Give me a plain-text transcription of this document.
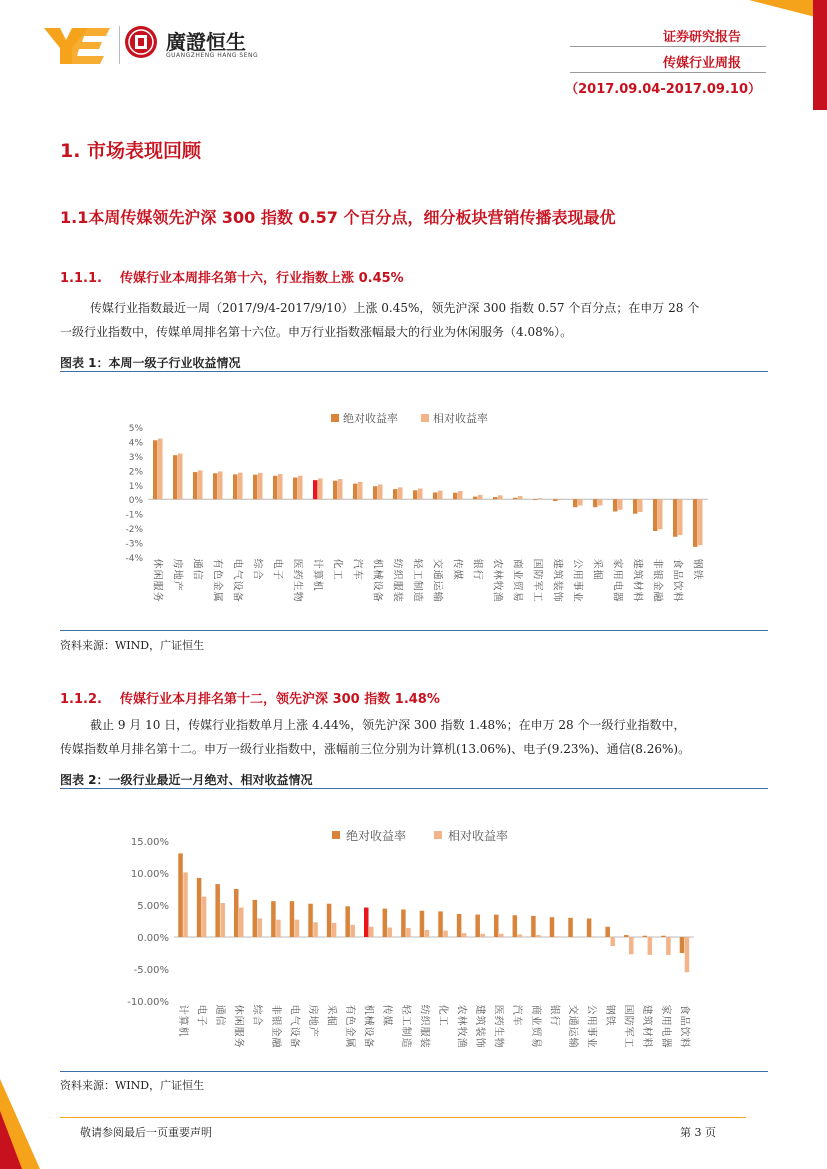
廣證恒生
GUANGZHENG HANG SENG
证券研究报告
传媒行业周报
（2017.09.04-2017.09.10）
1. 市场表现回顾
1.1本周传媒领先沪深 300 指数 0.57 个百分点，细分板块营销传播表现最优
1.1.1.    传媒行业本周排名第十六，行业指数上涨 0.45%
传媒行业指数最近一周（2017/9/4-2017/9/10）上涨 0.45%，领先沪深 300 指数 0.57 个百分点；在申万 28 个
一级行业指数中，传媒单周排名第十六位。申万行业指数涨幅最大的行业为休闲服务（4.08%）。
图表 1：本周一级子行业收益情况
绝对收益率	相对收益率
5%
4%
3%
2%
1%
0%
-1%
-2%
-3%
-4% 休
闲
服
务
房
地
产
通
信
有
色
金
属
电
气
设
备
综
合
电
子
医
药
生
物
计
算
机
化
工
汽
车
机
械
设
备
纺
织
服
装
轻
工
制
造
交
通
运
输
传
媒
银
行
农
林
牧
渔
商
业
贸
易
国
防
军
工
建
筑
装
饰
公
用
事
业
采
掘
家
用
电
器
建
筑
材
料
非
银
金
融
食
品
饮
料
钢
铁
资料来源：WIND，广证恒生
1.1.2.    传媒行业本月排名第十二，领先沪深 300 指数 1.48%
截止 9 月 10 日，传媒行业指数单月上涨 4.44%，领先沪深 300 指数 1.48%；在申万 28 个一级行业指数中，
传媒指数单月排名第十二。申万一级行业指数中，涨幅前三位分别为计算机(13.06%)、电子(9.23%)、通信(8.26%)。
图表 2：一级行业最近一月绝对、相对收益情况
绝对收益率	相对收益率
15.00%
10.00%
5.00%
0.00%
-5.00%
-10.00%
计
算
机
电
子
通
信
休
闲
服
务
综
合
非
银
金
融
电
气
设
备
房
地
产
采
掘
有
色
金
属
机
械
设
备
传
媒
轻
工
制
造
纺
织
服
装
化
工
农
林
牧
渔
建
筑
装
饰
医
药
生
物
汽
车
商
业
贸
易
银
行
交
通
运
输
公
用
事
业
钢
铁
国
防
军
工
建
筑
材
料
家
用
电
器
食
品
饮
料
资料来源：WIND，广证恒生
敬请参阅最后一页重要声明	第 3 页
